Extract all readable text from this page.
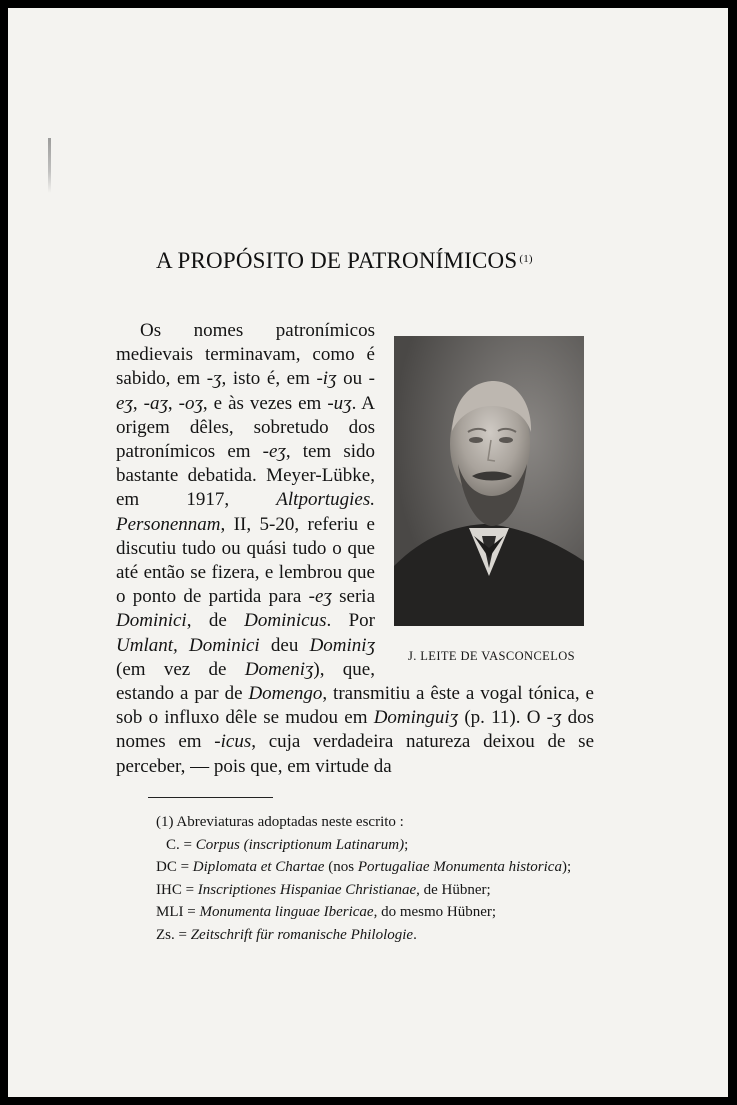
A PROPÓSITO DE PATRONÍMICOS $^{(1)}$
J. LEITE DE VASCONCELOS

Os nomes patronímicos medievais terminavam, como é sabido, em -ʒ, isto é, em -iʒ ou -eʒ, -aʒ, -oʒ, e às vezes em -uʒ. A origem dêles, sobretudo dos patronímicos em -eʒ, tem sido bastante debatida. Meyer-Lübke, em 1917, Altportugies. Personennam, II, 5-20, referiu e discutiu tudo ou quási tudo o que até então se fizera, e lembrou que o ponto de partida para -eʒ seria Dominici, de Dominicus. Por Umlant, Dominici deu Dominiʒ (em vez de Domeniʒ), que, estando a par de Domengo, transmitiu a êste a vogal tónica, e sob o influxo dêle se mudou em Dominguiʒ (p. 11). O -ʒ dos nomes em -icus, cuja verdadeira natureza deixou de se perceber, — pois que, em virtude da

(1) Abreviaturas adoptadas neste escrito :
C. = Corpus (inscriptionum Latinarum);
DC = Diplomata et Chartae (nos Portugaliae Monumenta historica);
IHC = Inscriptiones Hispaniae Christianae, de Hübner;
MLI = Monumenta linguae Ibericae, do mesmo Hübner;
Zs. = Zeitschrift für romanische Philologie.
